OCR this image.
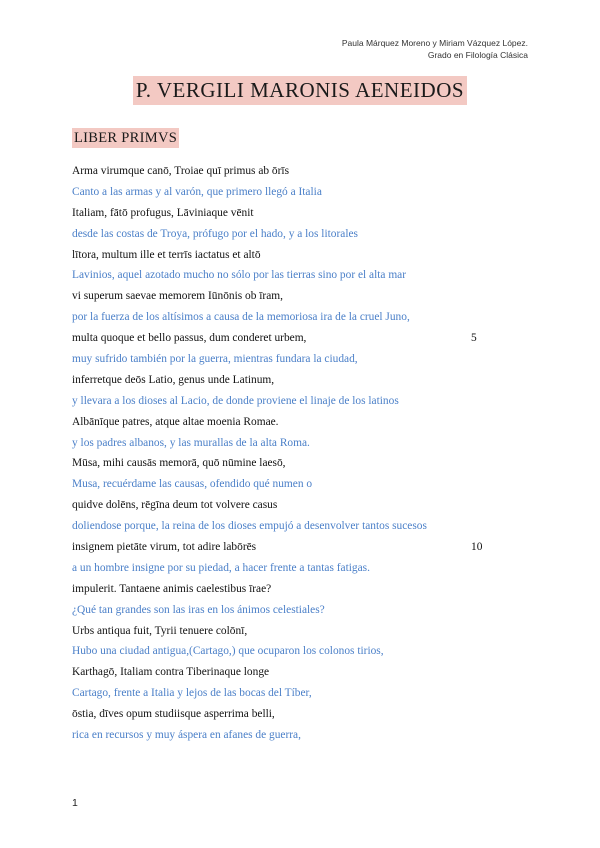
Paula Márquez Moreno y Miriam Vázquez López.
Grado en Filología Clásica
P. VERGILI MARONIS AENEIDOS
LIBER PRIMVS
Arma virumque canō, Troiae quī primus ab ōrīs
Canto a las armas y al varón, que primero llegó a Italia
Italiam, fātō profugus, Lāviniaque vēnit
desde las costas de Troya, prófugo por el hado, y a los litorales
lītora, multum ille et terrīs iactatus et altō
Lavinios, aquel azotado mucho no sólo por las tierras sino por el alta mar
vi superum saevae memorem Iūnōnis ob īram,
por la fuerza de los altísimos a causa de la memoriosa ira de la cruel Juno,
multa quoque et bello passus, dum conderet urbem,	5
muy sufrido también por la guerra, mientras fundara la ciudad,
inferretque deōs Latio, genus unde Latinum,
y llevara a los dioses al Lacio, de donde proviene el linaje de los latinos
Albānīque patres, atque altae moenia Romae.
y los padres albanos, y las murallas de la alta Roma.
Mūsa, mihi causās memorā, quō nūmine laesō,
Musa, recuérdame las causas, ofendido qué numen o
quidve dolēns, rēgīna deum tot volvere casus
doliendose porque, la reina de los dioses empujó a desenvolver tantos sucesos
insignem pietāte virum, tot adire labōrēs	10
a un hombre insigne por su piedad, a hacer frente a tantas fatigas.
impulerit. Tantaene animis caelestibus īrae?
¿Qué tan grandes son las iras en los ánimos celestiales?
Urbs antiqua fuit, Tyrii tenuere colōnī,
Hubo una ciudad antigua,(Cartago,) que ocuparon los colonos tirios,
Karthagō, Italiam contra Tiberinaque longe
Cartago, frente a Italia y lejos de las bocas del Tíber,
ōstia, dīves opum studiisque asperrima belli,
rica en recursos y muy áspera en afanes de guerra,
1
